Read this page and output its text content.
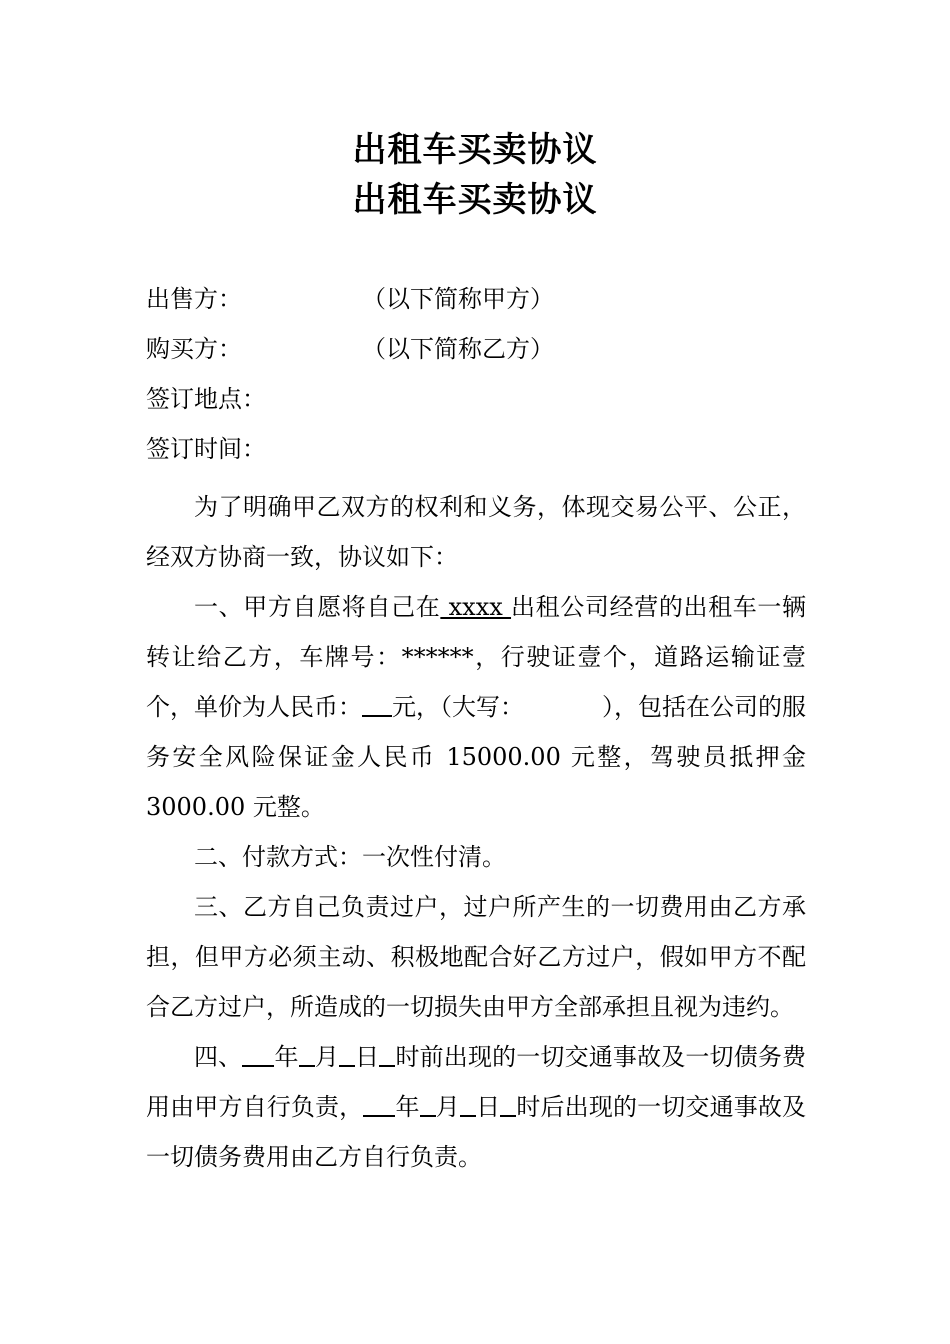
出租车买卖协议
出租车买卖协议
出售方：	（以下简称甲方）
购买方：	（以下简称乙方）
签订地点：
签订时间：

为了明确甲乙双方的权利和义务，体现交易公平、公正，经双方协商一致，协议如下：

一、甲方自愿将自己在 xxxx 出租公司经营的出租车一辆转让给乙方，车牌号：******，行驶证壹个，道路运输证壹个，单价为人民币： 元，（大写：	），包括在公司的服务安全风险保证金人民币 15000.00 元整，驾驶员抵押金 3000.00 元整。

二、付款方式：一次性付清。

三、乙方自己负责过户，过户所产生的一切费用由乙方承担，但甲方必须主动、积极地配合好乙方过户，假如甲方不配合乙方过户，所造成的一切损失由甲方全部承担且视为违约。

四、 年 月 日 时前出现的一切交通事故及一切债务费用由甲方自行负责， 年 月 日 时后出现的一切交通事故及一切债务费用由乙方自行负责。
